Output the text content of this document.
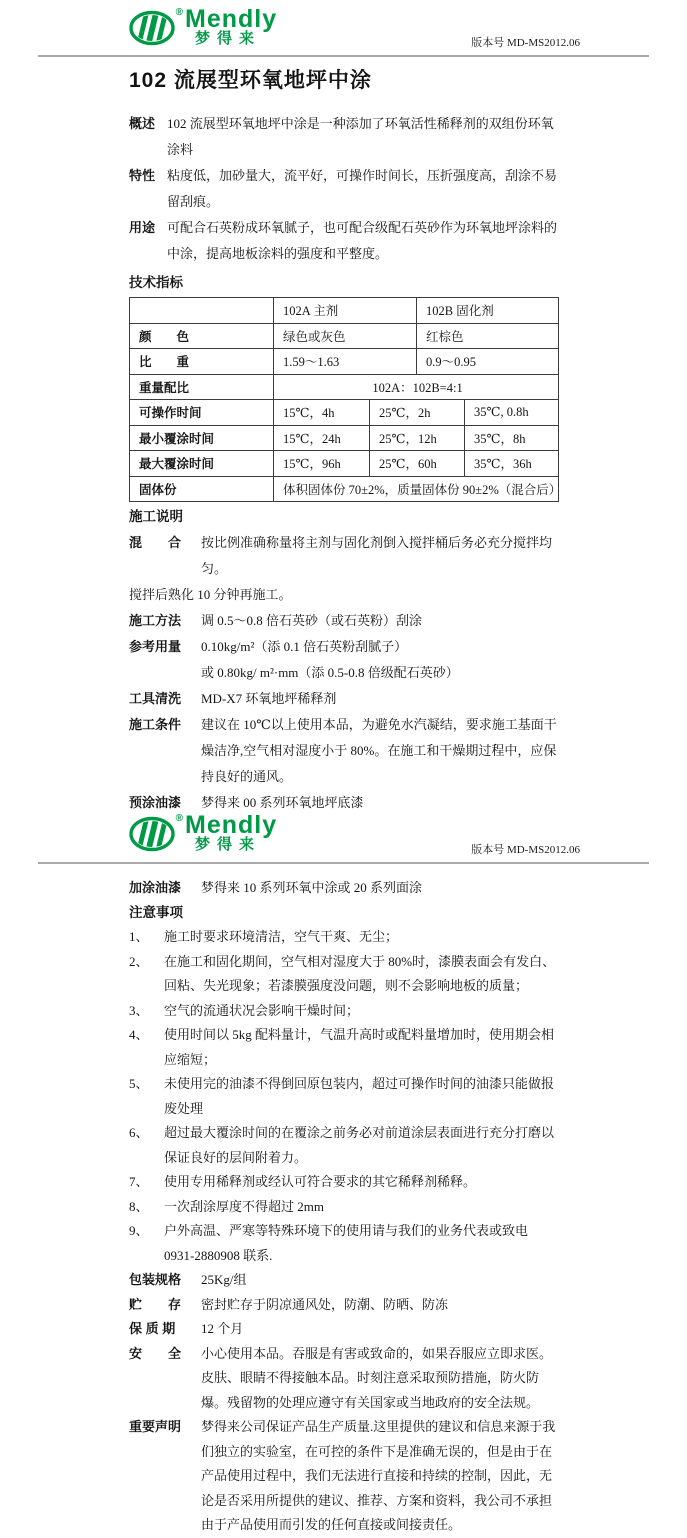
® Mendly
梦得来	版本号 MD-MS2012.06
102 流展型环氧地坪中涂
概述 102 流展型环氧地坪中涂是一种添加了环氧活性稀释剂的双组份环氧涂料
特性 粘度低，加砂量大，流平好，可操作时间长，压折强度高，刮涂不易留刮痕。
用途 可配合石英粉成环氧腻子，也可配合级配石英砂作为环氧地坪涂料的中涂，提高地板涂料的强度和平整度。
技术指标
	102A 主剂		102B 固化剂	
颜　　色	绿色或灰色		红棕色	
比　　重	1.59～1.63		0.9～0.95	
重量配比	102A：102B=4:1			
可操作时间	15℃，4h	25℃，2h		35℃, 0.8h
最小覆涂时间	15℃，24h	25℃，12h		35℃，8h
最大覆涂时间	15℃，96h	25℃，60h		35℃，36h
固体份	体积固体份 70±2%，质量固体份 90±2%（混合后）			
施工说明
混　　合	按比例准确称量将主剂与固化剂倒入搅拌桶后务必充分搅拌均匀。
搅拌后熟化 10 分钟再施工。
施工方法	调 0.5～0.8 倍石英砂（或石英粉）刮涂
参考用量	0.10kg/m²（添 0.1 倍石英粉刮腻子）
或 0.80kg/ m²·mm（添 0.5-0.8 倍级配石英砂）
工具清洗	MD-X7 环氧地坪稀释剂
施工条件	建议在 10℃以上使用本品，为避免水汽凝结，要求施工基面干燥洁净,空气相对湿度小于 80%。在施工和干燥期过程中，应保持良好的通风。
预涂油漆	梦得来 00 系列环氧地坪底漆
® Mendly
梦得来	版本号 MD-MS2012.06
加涂油漆	梦得来 10 系列环氧中涂或 20 系列面涂
注意事项
1、	施工时要求环境清洁，空气干爽、无尘；
2、	在施工和固化期间，空气相对湿度大于 80%时，漆膜表面会有发白、回粘、失光现象；若漆膜强度没问题，则不会影响地板的质量；
3、	空气的流通状况会影响干燥时间；
4、	使用时间以 5kg 配料量计，气温升高时或配料量增加时，使用期会相应缩短；
5、	未使用完的油漆不得倒回原包装内，超过可操作时间的油漆只能做报废处理
6、	超过最大覆涂时间的在覆涂之前务必对前道涂层表面进行充分打磨以保证良好的层间附着力。
7、	使用专用稀释剂或经认可符合要求的其它稀释剂稀释。
8、	一次刮涂厚度不得超过 2mm
9、	户外高温、严寒等特殊环境下的使用请与我们的业务代表或致电 0931-2880908 联系.
包装规格	25Kg/组
贮　　存	密封贮存于阴凉通风处，防潮、防晒、防冻
保 质 期	12 个月
安　　全	小心使用本品。吞服是有害或致命的，如果吞服应立即求医。皮肤、眼睛不得接触本品。时刻注意采取预防措施，防火防爆。残留物的处理应遵守有关国家或当地政府的安全法规。
重要声明	梦得来公司保证产品生产质量.这里提供的建议和信息来源于我们独立的实验室，在可控的条件下是准确无误的，但是由于在产品使用过程中，我们无法进行直接和持续的控制，因此，无论是否采用所提供的建议、推荐、方案和资料，我公司不承担由于产品使用而引发的任何直接或间接责任。
